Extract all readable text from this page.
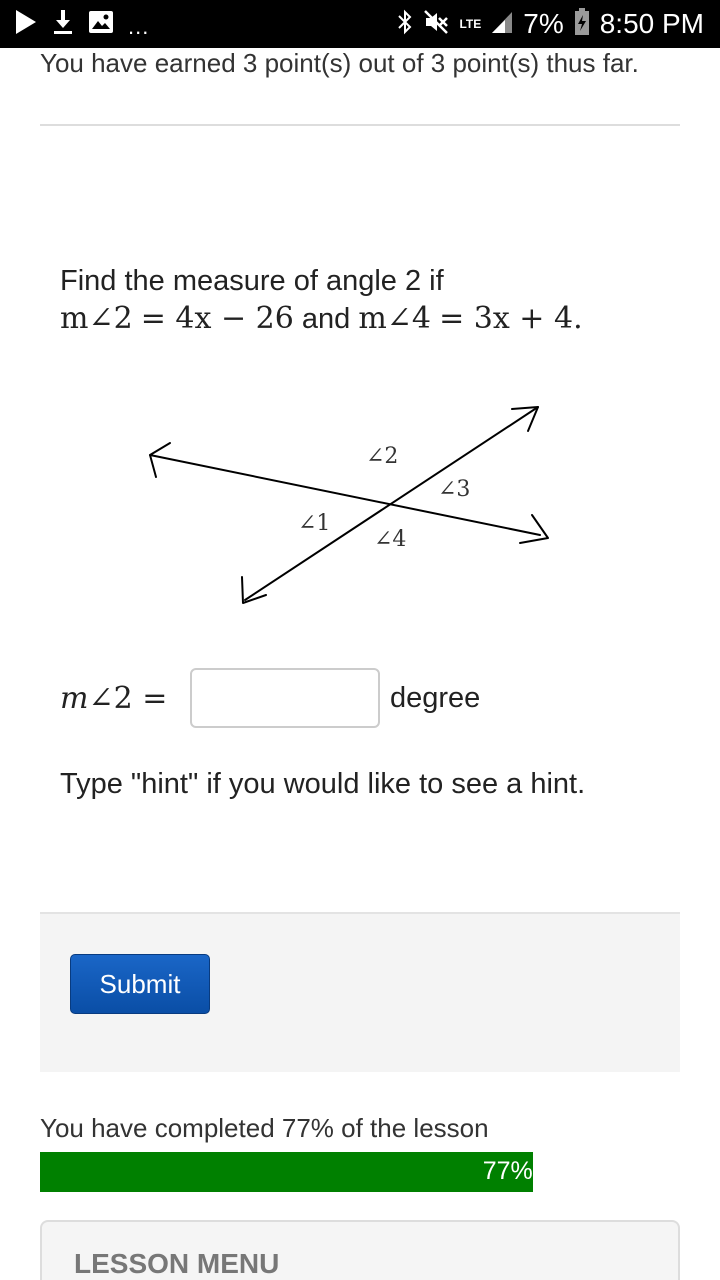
...	LTE 7% 8:50 PM
You have earned 3 point(s) out of 3 point(s) thus far.
Find the measure of angle 2 if
m∠2 = 4x − 26 and m∠4 = 3x + 4.
∠1
∠2
∠3
∠4
m∠2 =	degree
Type "hint" if you would like to see a hint.
Submit
You have completed 77% of the lesson
77%
LESSON MENU
